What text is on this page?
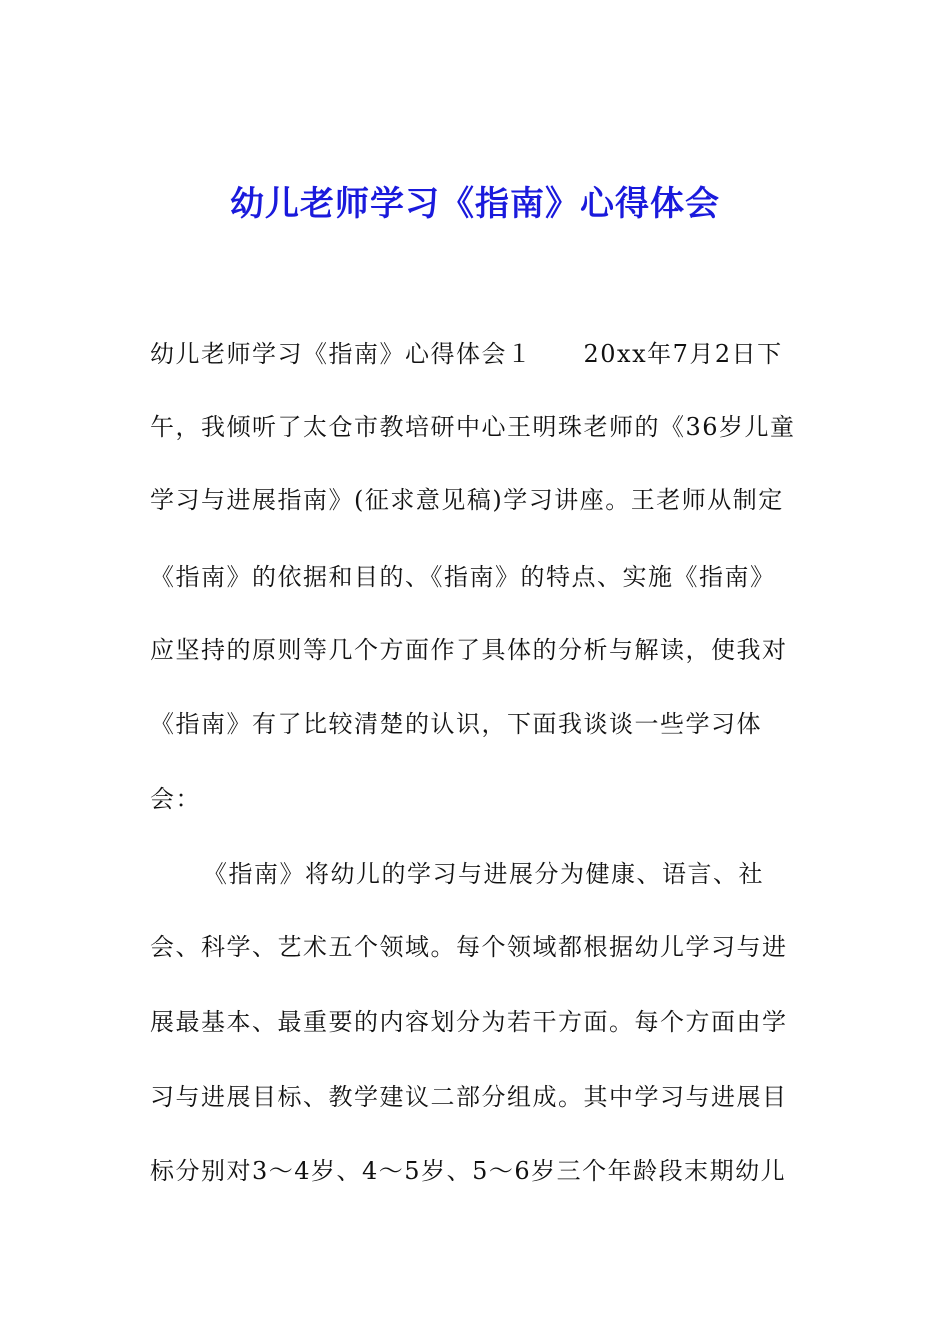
幼儿老师学习《指南》心得体会
幼儿老师学习《指南》心得体会１　　20xx年7月2日下
午，我倾听了太仓市教培研中心王明珠老师的《36岁儿童
学习与进展指南》(征求意见稿)学习讲座。王老师从制定
《指南》的依据和目的、《指南》的特点、实施《指南》
应坚持的原则等几个方面作了具体的分析与解读，使我对
《指南》有了比较清楚的认识，下面我谈谈一些学习体
会：
《指南》将幼儿的学习与进展分为健康、语言、社
会、科学、艺术五个领域。每个领域都根据幼儿学习与进
展最基本、最重要的内容划分为若干方面。每个方面由学
习与进展目标、教学建议二部分组成。其中学习与进展目
标分别对3～4岁、4～5岁、5～6岁三个年龄段末期幼儿
